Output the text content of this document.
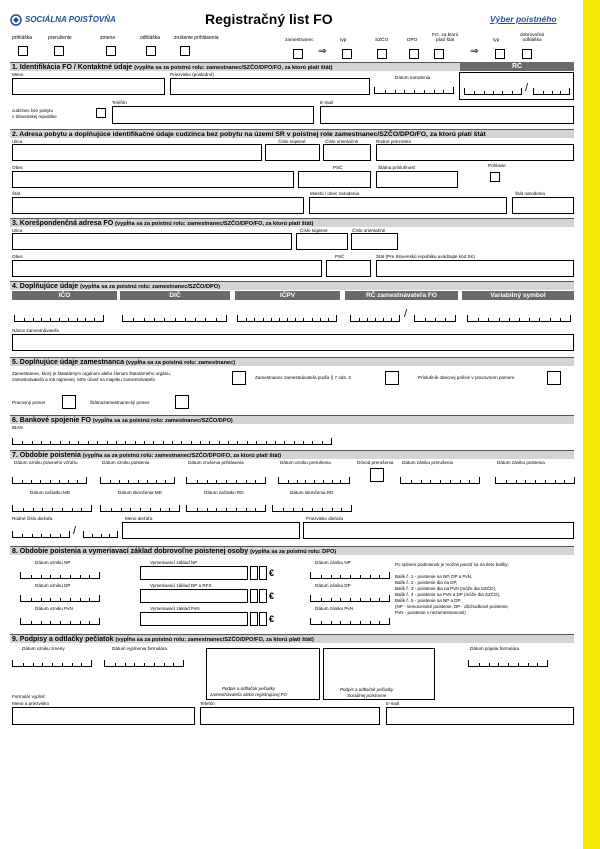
SOCIÁLNA POISŤOVŇA	Registračný list FO	Výber poistného
1. Identifikácia FO / Kontaktné údaje (vypĺňa sa za poistnú rolu: zamestnanec/SZČO/DPO/FO, za ktorú platí štát)	RČ
Meno	Priezvisko (posledné)
Dátum narodenia
/
cudzinec bez pobytu
v Slovenskej republike
Telefón	E-mail
2. Adresa pobytu a doplňujúce identifikačné údaje cudzinca bez pobytu na území SR v poistnej role zamestnanec/SZČO/DPO/FO, za ktorú platí štát
Ulica	Číslo súpisné	Číslo orientačné	Rodné priezvisko
Obec	PSČ	Štátna príslušnosť	Pohlavie
Štát	Miesto / obec narodenia	Štát narodenia
3. Korešpondenčná adresa FO (vypĺňa sa za poistnú rolu: zamestnanec/SZČO/DPO/FO, za ktorú platí štát)
Ulica	Číslo súpisné	Číslo orientačné
Obec	PSČ	Štát (Pre Slovenskú republiku uvádzajte kód SK)
4. Doplňujúce údaje (vypĺňa sa za poistnú rolu: zamestnanec/SZČO/DPO)
Názov zamestnávateľa
5. Doplňujúce údaje zamestnanca (vypĺňa sa za poistnú rolu: zamestnanec)
Zamestnanec, ktorý je štatutárnym orgánom alebo členom štatutárneho orgánu,
zamestnávateľa a má najmenej  50% účasť na majetku zamestnávateľa	Zamestnanec zamestnávateľa podľa § 7 ods. 2	Príslušník obecnej polície v pracovnom pomere
Pracovný pomer	Štátnozamestnanecký pomer
6. Bankové spojenie FO (vypĺňa sa za poistnú rolu: zamestnanec/SZČO/DPO)
IBAN
7. Obdobie poistenia (vypĺňa sa za poistnú rolu: zamestnanec/SZČO/DPO/FO, za ktorú platí štát)
Rodné číslo dieťaťa
/
Meno dieťaťa	Priezvisko dieťaťa
8. Obdobie poistenia a vymeriavací základ dobrovoľne poistenej osoby (vypĺňa sa za poistnú rolu: DPO)
Po splnení podmienok je možné poistiť sa na tieto balíky:

Balík č. 1 - poistenie na NP, DP a PvN,
Balík č. 2 - poistenie iba na DP,
Balík č. 3 - poistenie iba na PvN (môže iba SZČO),
Balík č. 4 - poistenie na PvN a DP (môže iba SZČO),
Balík č. 5 - poistenie na NP a DP.
(NP - nemocenské poistenie, DP - dôchodkové poistenie,
PvN - poistenie v nezamestnanosti)
9. Podpisy a odtlačky pečiatok (vypĺňa sa za poistnú rolu: zamestnanec/SZČO/DPO/FO, za ktorú platí štát)
Dátum vzniku zmeny	Dátum vyplnenia formulára
Podpis a odtlačok pečiatky
zamestnávateľa alebo registrujúcej FO
Podpis a odtlačok pečiatky
Sociálnej poisťovne
Dátum prijatia formulára
Formulár vyplnil:
Meno a priezvisko	Telefón	E-mail
prihláška	prerušenie	zmena	odhláška	zrušenie prihlásenia	zamestnanec	typ	SZČO	DPO
FO, za ktorú
platí štát	typ
dobrovoľná
odhláška
⇒	⇒
IČO	DIČ	IČPV	RČ zamestnávateľa FO	Variabilný symbol
/
Dátum vzniku právneho vzťahu	Dátum vzniku poistenia	Dátum zrušenia prihlásenia	Dátum vzniku prerušenia	Dôvod prerušenia Dátum zániku prerušenia	Dátum zániku poistenia
Dátum začiatku MD	Dátum skončenia MD	Dátum začiatku RD	Dátum skončenia RD
Dátum vzniku NP	Vymeriavací základ NP
€
Dátum zániku NP
Dátum vzniku DP	Vymeriavací základ DP a RFS
€
Dátum zániku DP
Dátum vzniku PvN	Vymeriavací základ PvN
€
Dátum zániku PvN
